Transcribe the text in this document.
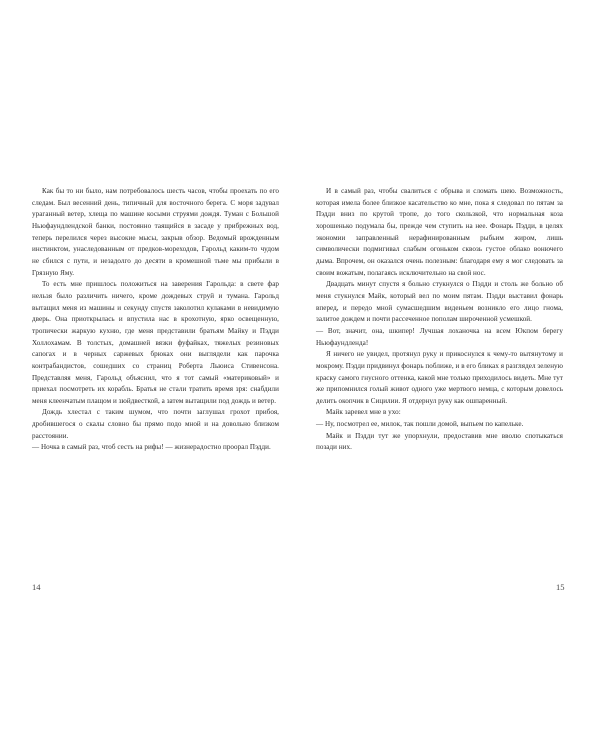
Как бы то ни было, нам потребовалось шесть часов, чтобы проехать по его следам. Был весенний день, типичный для восточного берега. С моря задувал ураганный ветер, хлеща по машине косыми струями дождя. Туман с Большой Ньюфаундлендской банки, постоянно таящийся в засаде у прибрежных вод, теперь перелился через высокие мысы, закрыв обзор. Ведомый врожденным инстинктом, унаследованным от предков-мореходов, Гарольд каким-то чудом не сбился с пути, и незадолго до десяти в кромешной тьме мы прибыли в Грязную Яму.

То есть мне пришлось положиться на заверения Гарольда: в свете фар нельзя было различить ничего, кроме дождевых струй и тумана. Гарольд вытащил меня из машины и секунду спустя заколотил кулаками в невидимую дверь. Она приоткрылась и впустила нас в крохотную, ярко освещенную, тропически жаркую кухню, где меня представили братьям Майку и Пэдди Холлохамам. В толстых, домашней вязки фуфайках, тяжелых резиновых сапогах и в черных саржевых брюках они выглядели как парочка контрабандистов, сошедших со страниц Роберта Льюиса Стивенсона. Представляя меня, Гарольд объяснил, что я тот самый «материковый» и приехал посмотреть их корабль. Братья не стали тратить время зря: снабдили меня клеенчатым плащом и зюйдвесткой, а затем вытащили под дождь и ветер.

Дождь хлестал с таким шумом, что почти заглушал грохот прибоя, дробившегося о скалы словно бы прямо подо мной и на довольно близком расстоянии.

— Ночка в самый раз, чтоб сесть на рифы! — жизнерадостно проорал Пэдди.

14

И в самый раз, чтобы свалиться с обрыва и сломать шею. Возможность, которая имела более близкое касательство ко мне, пока я следовал по пятам за Пэдди вниз по крутой тропе, до того скользкой, что нормальная коза хорошенько подумала бы, прежде чем ступить на нее. Фонарь Пэдди, в целях экономии заправленный нерафинированным рыбьим жиром, лишь символически подмигивал слабым огоньком сквозь густое облако вонючего дыма. Впрочем, он оказался очень полезным: благодаря ему я мог следовать за своим вожатым, полагаясь исключительно на свой нос.

Двадцать минут спустя я больно стукнулся о Пэдди и столь же больно об меня стукнулся Майк, который вел по моим пятам. Пэдди выставил фонарь вперед, и передо мной сумасшедшим виденьем возникло его лицо гнома, залитое дождем и почти рассеченное пополам широченной усмешкой.

— Вот, значит, она, шкипер! Лучшая лоханочка на всем Юкпом берегу Ньюфаундленда!

Я ничего не увидел, протянул руку и прикоснулся к чему-то вытянутому и мокрому. Пэдди придвинул фонарь поближе, и в его бликах я разглядел зеленую краску самого гнусного оттенка, какой мне только приходилось видеть. Мне тут же припомнился голый живот одного уже мертвого немца, с которым довелось делить окопчик в Сицилии. Я отдернул руку как ошпаренный.

Майк заревел мне в ухо:

— Ну, посмотрел ее, милок, так пошли домой, выпьем по капельке.

Майк и Пэдди тут же упорхнули, предоставив мне вволю спотыкаться позади них.

15
